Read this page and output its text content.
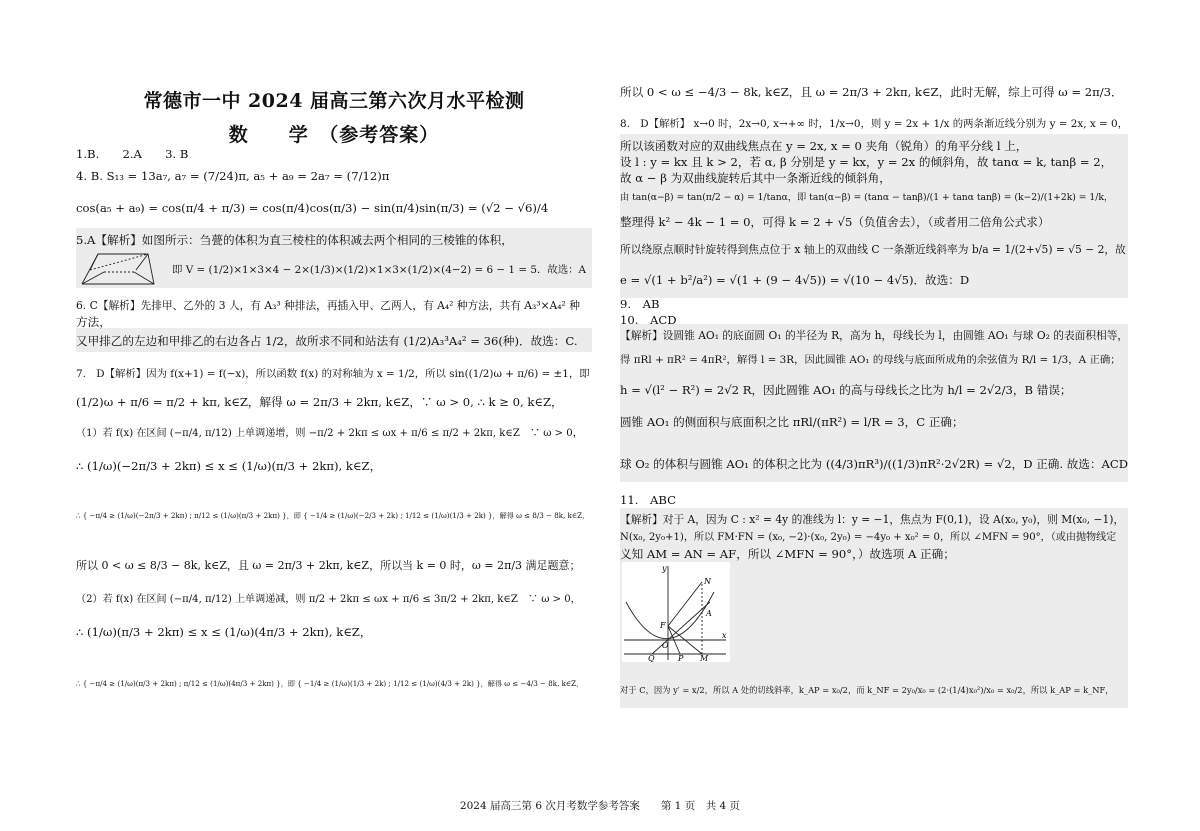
常德市一中 2024 届高三第六次月水平检测
数　　学　（参考答案）
1.B.　　2.A　　3. B
4. B. S₁₃ = 13a₇, a₇ = (7/24)π, a₅ + a₉ = 2a₇ = (7/12)π
cos(a₅ + a₉) = cos(π/4 + π/3) = cos(π/4)cos(π/3) − sin(π/4)sin(π/3) = (√2 − √6)/4
5.A【解析】如图所示：刍甍的体积为直三棱柱的体积减去两个相同的三棱锥的体积，
即 V = (1/2)×1×3×4 − 2×(1/3)×(1/2)×1×3×(1/2)×(4−2) = 6 − 1 = 5．故选：A
6. C【解析】先排甲、乙外的 3 人，有 A₃³ 种排法，再插入甲、乙两人，有 A₄² 种方法，共有 A₃³×A₄² 种
方法，
又甲排乙的左边和甲排乙的右边各占 1/2，故所求不同和站法有 (1/2)A₃³A₄² = 36(种)．故选：C.
7.　D【解析】因为 f(x+1) = f(−x)，所以函数 f(x) 的对称轴为 x = 1/2，所以 sin((1/2)ω + π/6) = ±1，即
(1/2)ω + π/6 = π/2 + kπ, k∈Z，解得 ω = 2π/3 + 2kπ, k∈Z，∵ ω > 0, ∴ k ≥ 0, k∈Z，
（1）若 f(x) 在区间 (−π/4, π/12) 上单调递增，则 −π/2 + 2kπ ≤ ωx + π/6 ≤ π/2 + 2kπ, k∈Z　∵ ω > 0，
∴ (1/ω)(−2π/3 + 2kπ) ≤ x ≤ (1/ω)(π/3 + 2kπ), k∈Z，
∴ { −π/4 ≥ (1/ω)(−2π/3 + 2kπ) ; π/12 ≤ (1/ω)(π/3 + 2kπ) }，即 { −1/4 ≥ (1/ω)(−2/3 + 2k) ; 1/12 ≤ (1/ω)(1/3 + 2k) }，解得 ω ≤ 8/3 − 8k, k∈Z，
所以 0 < ω ≤ 8/3 − 8k, k∈Z，且 ω = 2π/3 + 2kπ, k∈Z，所以当 k = 0 时，ω = 2π/3 满足题意；
（2）若 f(x) 在区间 (−π/4, π/12) 上单调递减，则 π/2 + 2kπ ≤ ωx + π/6 ≤ 3π/2 + 2kπ, k∈Z　∵ ω > 0，
∴ (1/ω)(π/3 + 2kπ) ≤ x ≤ (1/ω)(4π/3 + 2kπ), k∈Z，
∴ { −π/4 ≥ (1/ω)(π/3 + 2kπ) ; π/12 ≤ (1/ω)(4π/3 + 2kπ) }，即 { −1/4 ≥ (1/ω)(1/3 + 2k) ; 1/12 ≤ (1/ω)(4/3 + 2k) }，解得 ω ≤ −4/3 − 8k, k∈Z，
所以 0 < ω ≤ −4/3 − 8k, k∈Z，且 ω = 2π/3 + 2kπ, k∈Z，此时无解，综上可得 ω = 2π/3．
8.　D【解析】 x→0 时，2x→0, x→+∞ 时，1/x→0，则 y = 2x + 1/x 的两条渐近线分别为 y = 2x, x = 0，
所以该函数对应的双曲线焦点在 y = 2x, x = 0 夹角（锐角）的角平分线 l 上，
设 l : y = kx 且 k > 2，若 α, β 分别是 y = kx，y = 2x 的倾斜角，故 tanα = k, tanβ = 2，
故 α − β 为双曲线旋转后其中一条渐近线的倾斜角，
由 tan(α−β) = tan(π/2 − α) = 1/tanα，即 tan(α−β) = (tanα − tanβ)/(1 + tanα tanβ) = (k−2)/(1+2k) = 1/k，
整理得 k² − 4k − 1 = 0，可得 k = 2 + √5（负值舍去），（或者用二倍角公式求）
所以绕原点顺时针旋转得到焦点位于 x 轴上的双曲线 C 一条渐近线斜率为 b/a = 1/(2+√5) = √5 − 2，故
e = √(1 + b²/a²) = √(1 + (9 − 4√5)) = √(10 − 4√5)．故选：D
9.　AB
10.　ACD
【解析】设圆锥 AO₁ 的底面圆 O₁ 的半径为 R，高为 h，母线长为 l，由圆锥 AO₁ 与球 O₂ 的表面积相等，
得 πRl + πR² = 4πR²，解得 l = 3R，因此圆锥 AO₁ 的母线与底面所成角的余弦值为 R/l = 1/3，A 正确；
h = √(l² − R²) = 2√2 R，因此圆锥 AO₁ 的高与母线长之比为 h/l = 2√2/3，B 错误；
圆锥 AO₁ 的侧面积与底面积之比 πRl/(πR²) = l/R = 3，C 正确；
球 O₂ 的体积与圆锥 AO₁ 的体积之比为 ((4/3)πR³)/((1/3)πR²·2√2R) = √2，D 正确. 故选：ACD
11.　ABC
【解析】对于 A，因为 C : x² = 4y 的准线为 l：y = −1，焦点为 F(0,1)，设 A(x₀, y₀)，则 M(x₀, −1)，
N(x₀, 2y₀+1)，所以 FM·FN = (x₀, −2)·(x₀, 2y₀) = −4y₀ + x₀² = 0，所以 ∠MFN = 90°，（或由抛物线定
义知 AM = AN = AF，所以 ∠MFN = 90°，）故选项 A 正确；
y
x
N
A
F
O
Q	P M
对于 C，因为 y′ = x/2，所以 A 处的切线斜率，k_AP = x₀/2，而 k_NF = 2y₀/x₀ = (2·(1/4)x₀²)/x₀ = x₀/2，所以 k_AP = k_NF，
2024 届高三第 6 次月考数学参考答案　　第 1 页　共 4 页
